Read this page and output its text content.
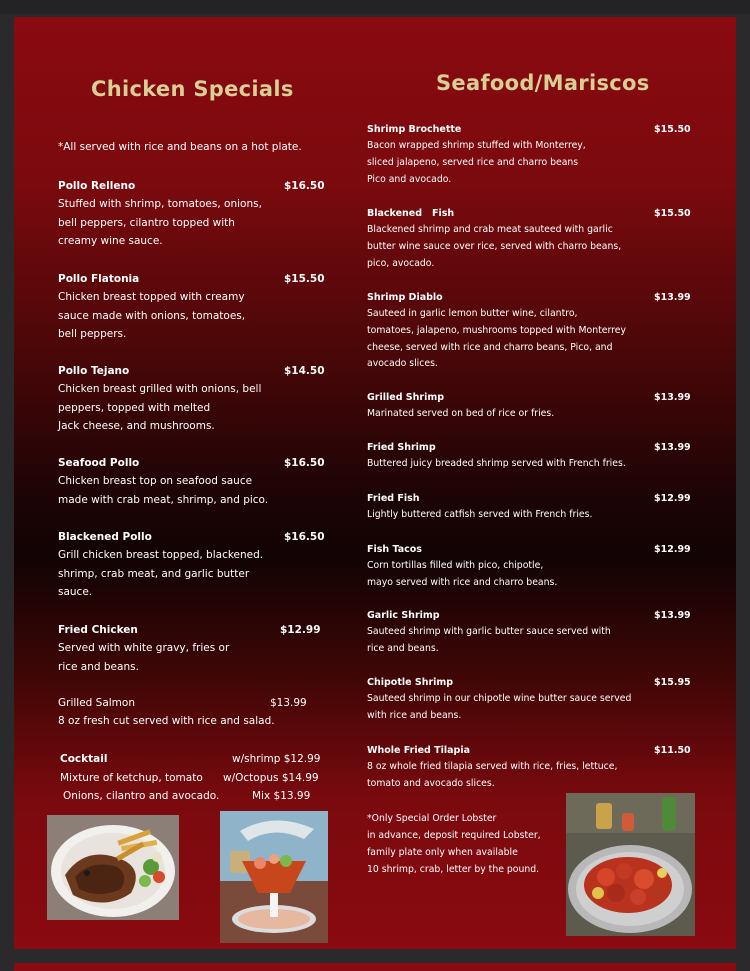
Chicken Specials
*All served with rice and beans on a hot plate.
Pollo Relleno	$16.50
Stuffed with shrimp, tomatoes, onions,
bell peppers, cilantro topped with
creamy wine sauce.
Pollo Flatonia	$15.50
Chicken breast topped with creamy
sauce made with onions, tomatoes,
bell peppers.
Pollo Tejano	$14.50
Chicken breast grilled with onions, bell
peppers, topped with melted
Jack cheese, and mushrooms.
Seafood Pollo	$16.50
Chicken breast top on seafood sauce
made with crab meat, shrimp, and pico.
Blackened Pollo	$16.50
Grill chicken breast topped, blackened.
shrimp, crab meat, and garlic butter
sauce.
Fried Chicken	$12.99
Served with white gravy, fries or
rice and beans.
Grilled Salmon	$13.99
8 oz fresh cut served with rice and salad.
Cocktail	w/shrimp $12.99
Mixture of ketchup, tomato w/Octopus $14.99
Onions, cilantro and avocado.	Mix $13.99
Seafood/Mariscos
Shrimp Brochette	$15.50
Bacon wrapped shrimp stuffed with Monterrey,
sliced jalapeno, served rice and charro beans
Pico and avocado.
Blackened   Fish	$15.50
Blackened shrimp and crab meat sauteed with garlic
butter wine sauce over rice, served with charro beans,
pico, avocado.
Shrimp Diablo	$13.99
Sauteed in garlic lemon butter wine, cilantro,
tomatoes, jalapeno, mushrooms topped with Monterrey
cheese, served with rice and charro beans, Pico, and
avocado slices.
Grilled Shrimp	$13.99
Marinated served on bed of rice or fries.
Fried Shrimp	$13.99
Buttered juicy breaded shrimp served with French fries.
Fried Fish	$12.99
Lightly buttered catfish served with French fries.
Fish Tacos	$12.99
Corn tortillas filled with pico, chipotle,
mayo served with rice and charro beans.
Garlic Shrimp	$13.99
Sauteed shrimp with garlic butter sauce served with
rice and beans.
Chipotle Shrimp	$15.95
Sauteed shrimp in our chipotle wine butter sauce served
with rice and beans.
Whole Fried Tilapia	$11.50
8 oz whole fried tilapia served with rice, fries, lettuce,
tomato and avocado slices.
*Only Special Order Lobster
in advance, deposit required Lobster,
family plate only when available
10 shrimp, crab, letter by the pound.
